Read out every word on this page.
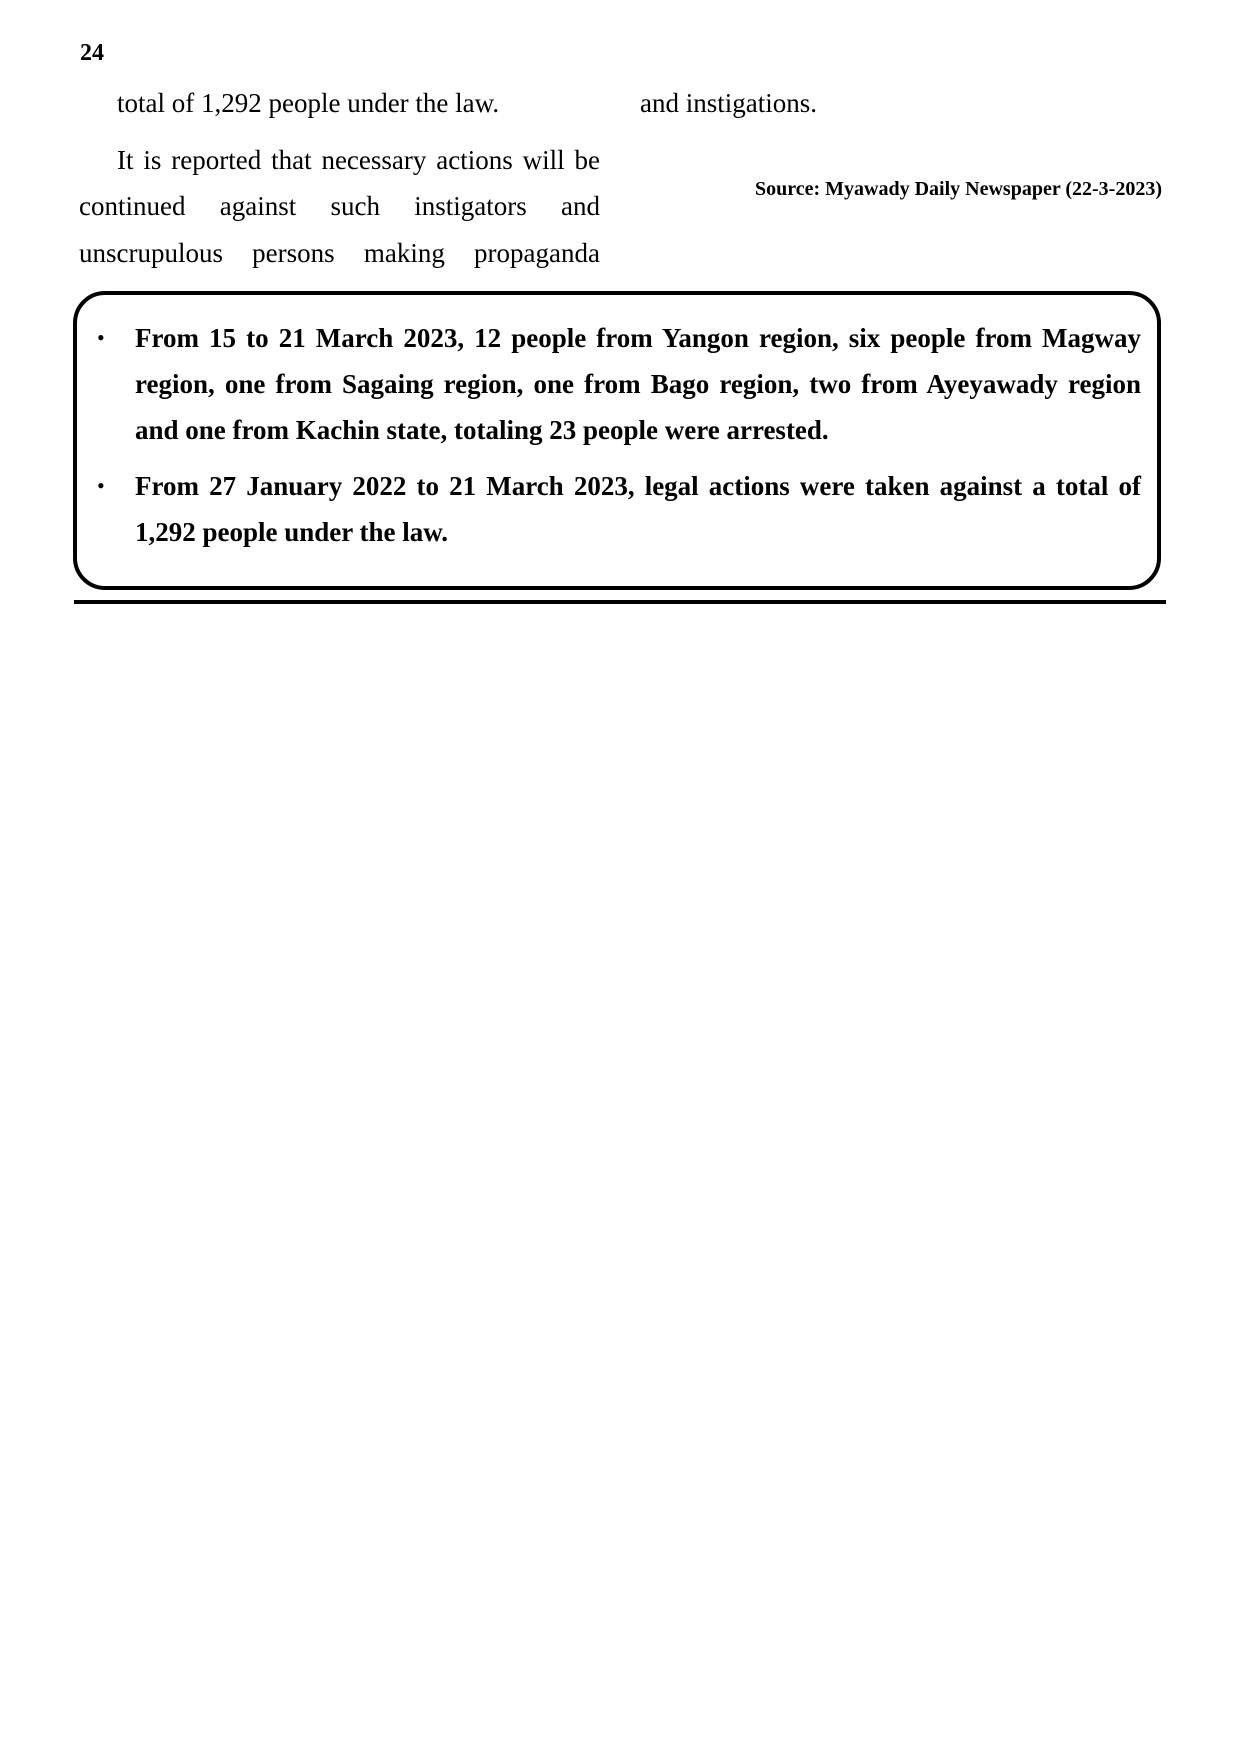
24

total of 1,292 people under the law.

It is reported that necessary actions will be continued against such instigators and unscrupulous persons making propaganda

and instigations.

Source: Myawady Daily Newspaper (22-3-2023)
•	From 15 to 21 March 2023, 12 people from Yangon region, six people from Magway region, one from Sagaing region, one from Bago region, two from Ayeyawady region and one from Kachin state, totaling 23 people were arrested.
•	From 27 January 2022 to 21 March 2023, legal actions were taken against a total of 1,292 people under the law.
